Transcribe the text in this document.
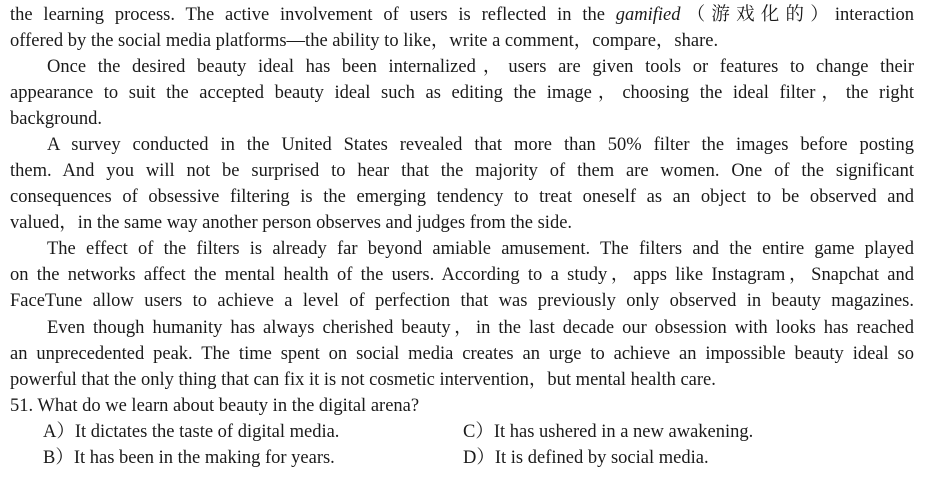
the learning process. The active involvement of users is reflected in the gamified（游戏化的）interaction
offered by the social media platforms—the ability to like，write a comment，compare，share.
Once the desired beauty ideal has been internalized，users are given tools or features to change their
appearance to suit the accepted beauty ideal such as editing the image，choosing the ideal filter，the right
background.
A survey conducted in the United States revealed that more than 50% filter the images before posting
them. And you will not be surprised to hear that the majority of them are women. One of the significant
consequences of obsessive filtering is the emerging tendency to treat oneself as an object to be observed and
valued，in the same way another person observes and judges from the side.
The effect of the filters is already far beyond amiable amusement. The filters and the entire game played
on the networks affect the mental health of the users. According to a study，apps like Instagram，Snapchat and
FaceTune allow users to achieve a level of perfection that was previously only observed in beauty magazines.
Even though humanity has always cherished beauty，in the last decade our obsession with looks has reached
an unprecedented peak. The time spent on social media creates an urge to achieve an impossible beauty ideal so
powerful that the only thing that can fix it is not cosmetic intervention，but mental health care.
51. What do we learn about beauty in the digital arena?
A）It dictates the taste of digital media.	C）It has ushered in a new awakening.
B）It has been in the making for years.	D）It is defined by social media.
